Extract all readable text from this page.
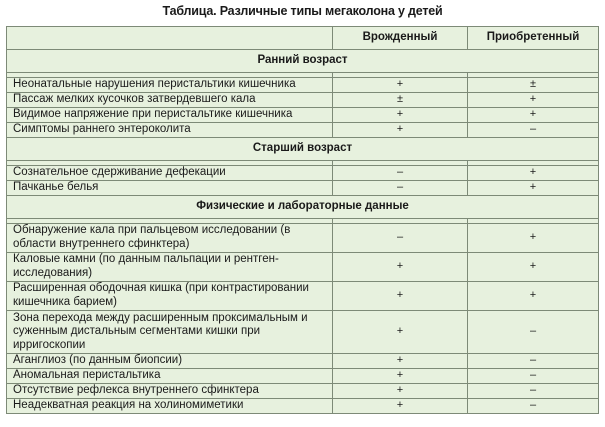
Таблица. Различные типы мегаколона у детей
	Врожденный	Приобретенный
Ранний возраст		

Неонатальные нарушения перистальтики кишечника	+	±
Пассаж мелких кусочков затвердевшего кала	±	+
Видимое напряжение при перистальтике кишечника	+	+
Симптомы раннего энтероколита	+	–
Старший возраст		

Сознательное сдерживание дефекации	–	+
Пачканье белья	–	+
Физические и лабораторные данные		

Обнаружение кала при пальцевом исследовании (в области внутреннего сфинктера)	–	+
Каловые камни (по данным пальпации и рентген-исследования)	+	+
Расширенная ободочная кишка (при контрастировании кишечника барием)	+	+
Зона перехода между расширенным проксимальным и суженным дистальным сегментами кишки при ирригоскопии	+	–
Аганглиоз (по данным биопсии)	+	–
Аномальная перистальтика	+	–
Отсутствие рефлекса внутреннего сфинктера	+	–
Неадекватная реакция на холиномиметики	+	–
